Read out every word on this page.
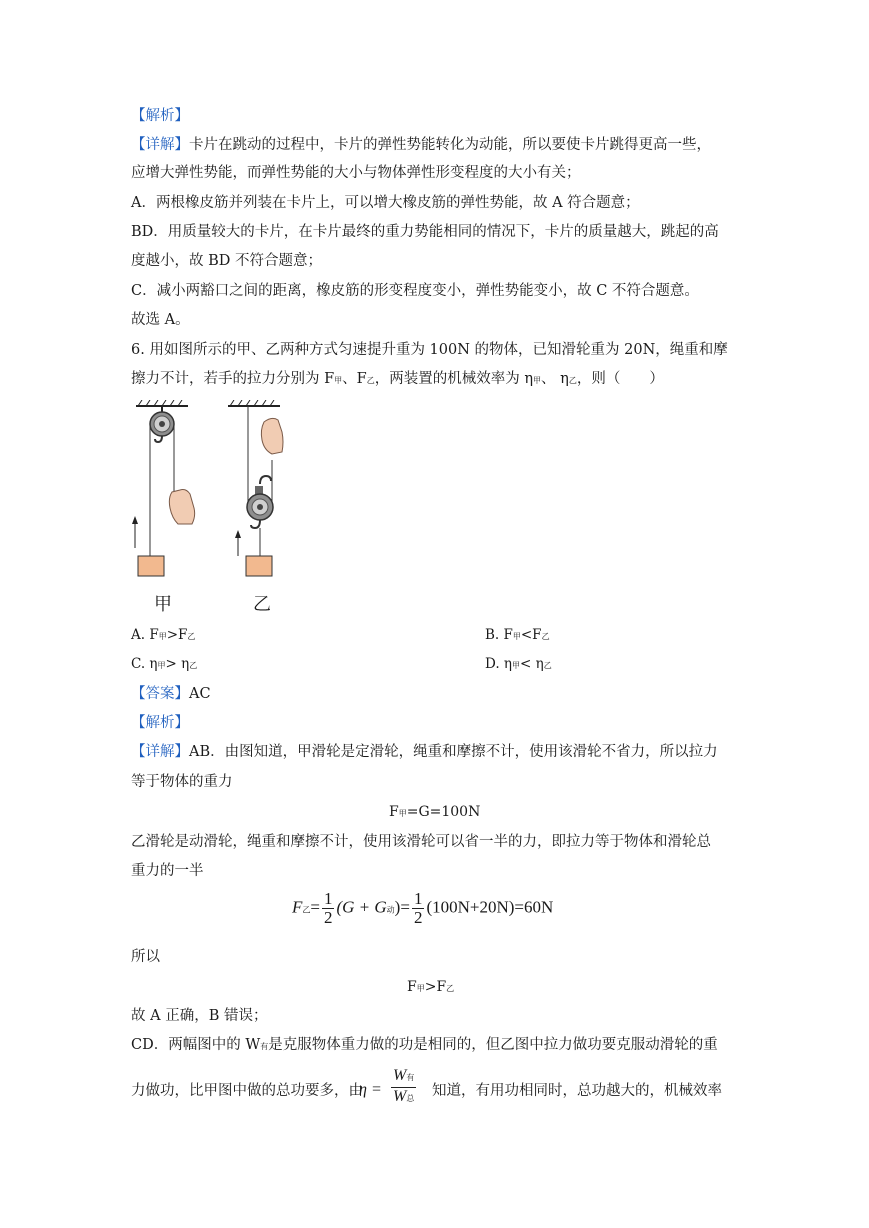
【解析】
【详解】卡片在跳动的过程中，卡片的弹性势能转化为动能，所以要使卡片跳得更高一些，
应增大弹性势能，而弹性势能的大小与物体弹性形变程度的大小有关；
A．两根橡皮筋并列装在卡片上，可以增大橡皮筋的弹性势能，故 A 符合题意；
BD．用质量较大的卡片，在卡片最终的重力势能相同的情况下，卡片的质量越大，跳起的高
度越小，故 BD 不符合题意；
C．减小两豁口之间的距离，橡皮筋的形变程度变小，弹性势能变小，故 C 不符合题意。
故选 A。
6. 用如图所示的甲、乙两种方式匀速提升重为 100N 的物体，已知滑轮重为 20N，绳重和摩
擦力不计，若手的拉力分别为 F甲、F乙，两装置的机械效率为 η甲、 η乙，则（　　）
甲	乙
A. F甲>F乙	B. F甲<F乙
C. η甲> η乙	D. η甲< η乙
【答案】AC
【解析】
【详解】AB．由图知道，甲滑轮是定滑轮，绳重和摩擦不计，使用该滑轮不省力，所以拉力
等于物体的重力
F甲=G=100N
乙滑轮是动滑轮，绳重和摩擦不计，使用该滑轮可以省一半的力，即拉力等于物体和滑轮总
重力的一半
F乙= $\frac{1}{2} (G + G$动)= $\frac{1}{2} (100N+20N)=60N$
所以
F甲>F乙
故 A 正确，B 错误；
CD．两幅图中的 W有是克服物体重力做的功是相同的，但乙图中拉力做功要克服动滑轮的重
力做功，比甲图中做的总功要多，由
η =
W有
W总 知道，有用功相同时，总功越大的，机械效率
